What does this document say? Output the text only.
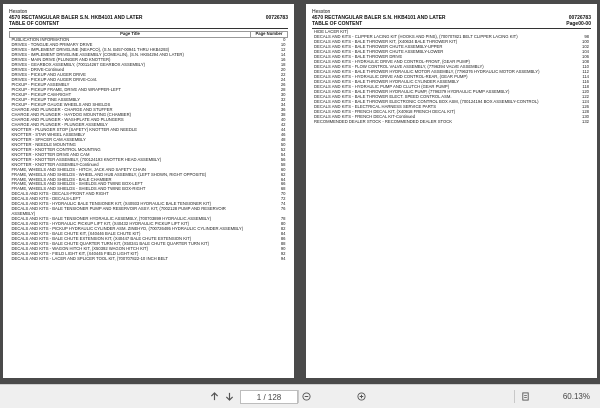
Hesston
4570 RECTANGULAR BALER S.N. HKB4101 AND LATER	00726783
TABLE OF CONTENT
Page Title	Page Number
PUBLICATION INFORMATION	0
DRIVES - TONGUE AND PRIMARY DRIVE	10
DRIVES - IMPLEMENT DRIVELINE (NEAPCO), (S.N. B457-00941 THRU HKB4293)	12
DRIVES - IMPLEMENT DRIVELINE ASSEMBLY (COMEALIN), (S.N. HKB4294 AND LATER)	14
DRIVES - MAIN DRIVE (PLUNGER AND KNOTTER)	16
DRIVES - GEARBOX ASSEMBLY, (700114267 GEARBOX ASSEMBLY)	18
DRIVES - DRIVE-Continued	20
DRIVES - PICKUP AND AUGER DRIVE	22
DRIVES - PICKUP AND AUGER DRIVE-Cont.	24
PICKUP - PICKUP ASSEMBLY	26
PICKUP - PICKUP FRAME, DRIVE AND WRAPPER-LEFT	28
PICKUP - PICKUP CAM-RIGHT	30
PICKUP - PICKUP TINE ASSEMBLY	32
PICKUP - PICKUP GAUGE WHEELS AND SHIELDS	34
CHARGE AND PLUNGER - CHARGE AND STUFFER	36
CHARGE AND PLUNGER - HAYDOG MOUNTING (CHAMBER)	38
CHARGE AND PLUNGER - WASHPLATE AND PLUNGERS	40
CHARGE AND PLUNGER - PLUNGER ASSEMBLY	42
KNOTTER - PLUNGER STOP (SAFETY) KNOTTER AND NEEDLE	44
KNOTTER - STAR WHEEL ASSEMBLY	46
KNOTTER - SPACER CAM ASSEMBLY	48
KNOTTER - NEEDLE MOUNTING	50
KNOTTER - KNOTTER CONTROL MOUNTING	52
KNOTTER - KNOTTER DRIVE AND CAM	54
KNOTTER - KNOTTER ASSEMBLY, (700124193 KNOTTER HEAD ASSEMBLY)	56
KNOTTER - KNOTTER ASSEMBLY-Continued	58
FRAME, WHEELS AND SHIELDS - HITCH, JACK AND SAFETY CHAIN	60
FRAME, WHEELS AND SHIELDS - WHEEL AND HUB ASSEMBLY, (LEFT SHOWN, RIGHT OPPOSITE)	62
FRAME, WHEELS AND SHIELDS - BALE CHAMBER	64
FRAME, WHEELS AND SHIELDS - SHIELDS AND TWINE BOX-LEFT	66
FRAME, WHEELS AND SHIELDS - SHIELDS AND TWINE BOX-RIGHT	68
DECALS AND KITS - DECALS-FRONT AND RIGHT	70
DECALS AND KITS - DECALS-LEFT	72
DECALS AND KITS - HYDRAULIC BALE TENSIONER KIT, (X40933 HYDRAULIC BALE TENSIONER KIT)	74
DECALS AND KITS - BALE TENSIONER PUMP AND RESERVOIR ASSY. KIT, (7002128 PUMP AND RESERVOIR ASSEMBLY)	76
DECALS AND KITS - BALE TENSIONER HYDRAULIC ASSEMBLY, (700703899 HYDRAULIC ASSEMBLY)	78
DECALS AND KITS - HYDRAULIC PICKUP LIFT KIT, (X40432 HYDRAULIC PICKUP LIFT KIT)	80
DECALS AND KITS - PICKUP HYDRAULIC CYLINDER ASM. ZINEHYD, (700726495 HYDRAULIC CYLINDER ASSEMBLY)	82
DECALS AND KITS - BALE CHUTE KIT, (X40446 BALE CHUTE KIT)	84
DECALS AND KITS - BALE CHUTE EXTENSION KIT, (X40447 BALE CHUTE EXTENSION KIT)	86
DECALS AND KITS - BALE CHUTE QUARTER TURN KIT, (X50341 BALE CHUTE QUARTER TURN KIT)	88
DECALS AND KITS - WAGON HITCH KIT, (X50392 WAGON HITCH KIT)	90
DECALS AND KITS - FIELD LIGHT KIT, (X40445 FIELD LIGHT KIT)	92
DECALS AND KITS - LACER AND SPLICER TOOL KIT, (700707822-10 INCH BELT	94
Hesston
4570 RECTANGULAR BALER S.N. HKB4101 AND LATER	00726783
TABLE OF CONTENT	Page00-00
HIDE LACER KIT)	
DECALS AND KITS - CLIPPER LACING KIT (HOOKS AND PINS), (700707821 BELT CLIPPER LACING KIT)	98
DECALS AND KITS - BALE THROWER KIT, (X40634 BALE THROWER KIT)	100
DECALS AND KITS - BALE THROWER CHUTE ASSEMBLY-UPPER	102
DECALS AND KITS - BALE THROWER CHUTE ASSEMBLY-LOWER	104
DECALS AND KITS - BALE THROWER DRIVE	106
DECALS AND KITS - HYDRAULIC DRIVE AND CONTROL-FRONT, (GEAR PUMP)	108
DECALS AND KITS - FLOW CONTROL VALVE ASSEMBLY, (7796394 VALVE ASSEMBLY)	110
DECALS AND KITS - BALE THROWER HYDRAULIC MOTOR ASSEMBLY, (7796376 HYDRAULIC MOTOR ASSEMBLY)	112
DECALS AND KITS - HYDRAULIC DRIVE AND CONTROL-REAR, (GEAR PUMP)	114
DECALS AND KITS - BALE THROWER HYDRAULIC CYLINDER ASSEMBLY	116
DECALS AND KITS - HYDRAULIC PUMP AND CLUTCH (GEAR PUMP)	118
DECALS AND KITS - BALE THROWER HYDRAULIC PUMP, (7796379 HYDRAULIC PUMP ASSEMBLY)	120
DECALS AND KITS - BALE THROWER ELECT. SPEED CONTROL ASM.	122
DECALS AND KITS - BALE THROWER ELECTRONIC CONTROL BOX ASM, (700124194 BOX ASSEMBLY-CONTROL)	124
DECALS AND KITS - ELECTRICAL HARNESS SERVICE PARTS	126
DECALS AND KITS - FRENCH DECAL KIT, (X40918 FRENCH DECAL KIT)	128
DECALS AND KITS - FRENCH DECAL KIT-Continued	130
RECOMMENDED DEALER STOCK - RECOMMENDED DEALER STOCK	132
1 / 128	60.13%
